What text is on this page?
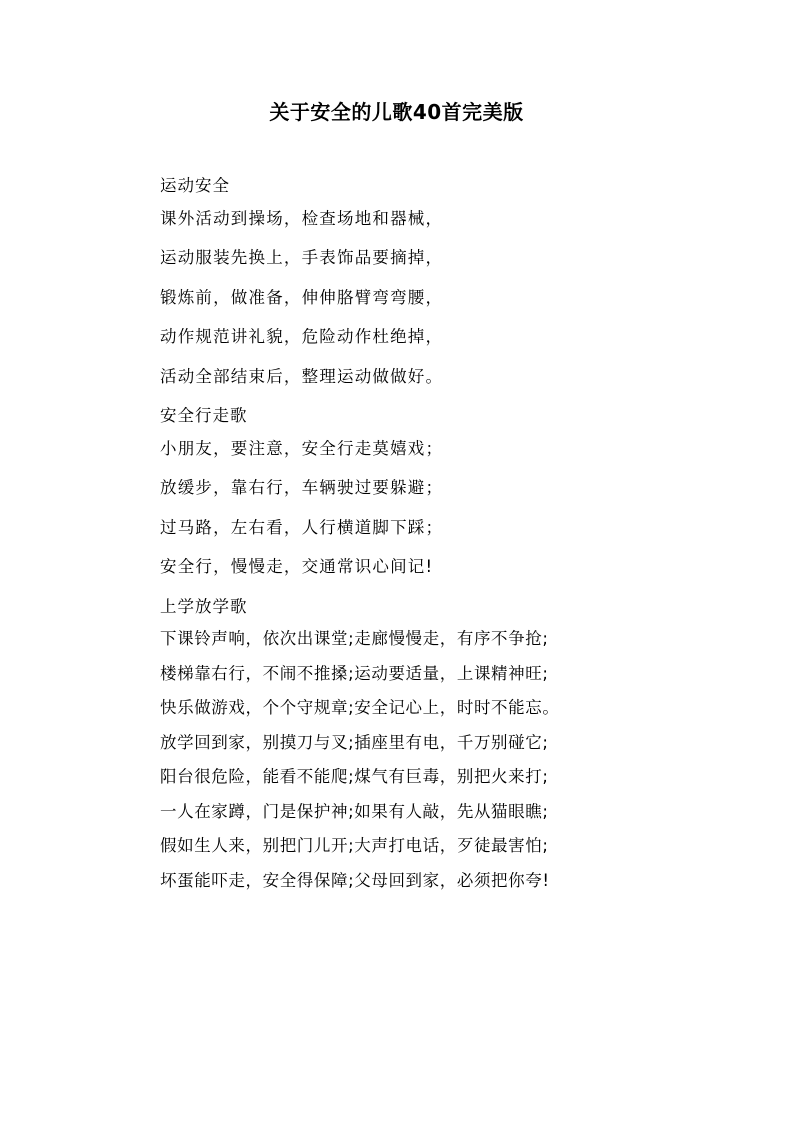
关于安全的儿歌40首完美版

运动安全

课外活动到操场，检查场地和器械，

运动服装先换上，手表饰品要摘掉，

锻炼前，做准备，伸伸胳臂弯弯腰，

动作规范讲礼貌，危险动作杜绝掉，

活动全部结束后，整理运动做做好。

安全行走歌

小朋友，要注意，安全行走莫嬉戏；

放缓步，靠右行，车辆驶过要躲避；

过马路，左右看，人行横道脚下踩；

安全行，慢慢走，交通常识心间记!

上学放学歌

下课铃声响，依次出课堂;走廊慢慢走，有序不争抢;

楼梯靠右行，不闹不推搡;运动要适量，上课精神旺;

快乐做游戏，个个守规章;安全记心上，时时不能忘。

放学回到家，别摸刀与叉;插座里有电，千万别碰它;

阳台很危险，能看不能爬;煤气有巨毒，别把火来打;

一人在家蹲，门是保护神;如果有人敲，先从猫眼瞧;

假如生人来，别把门儿开;大声打电话，歹徒最害怕;

坏蛋能吓走，安全得保障;父母回到家，必须把你夸!
